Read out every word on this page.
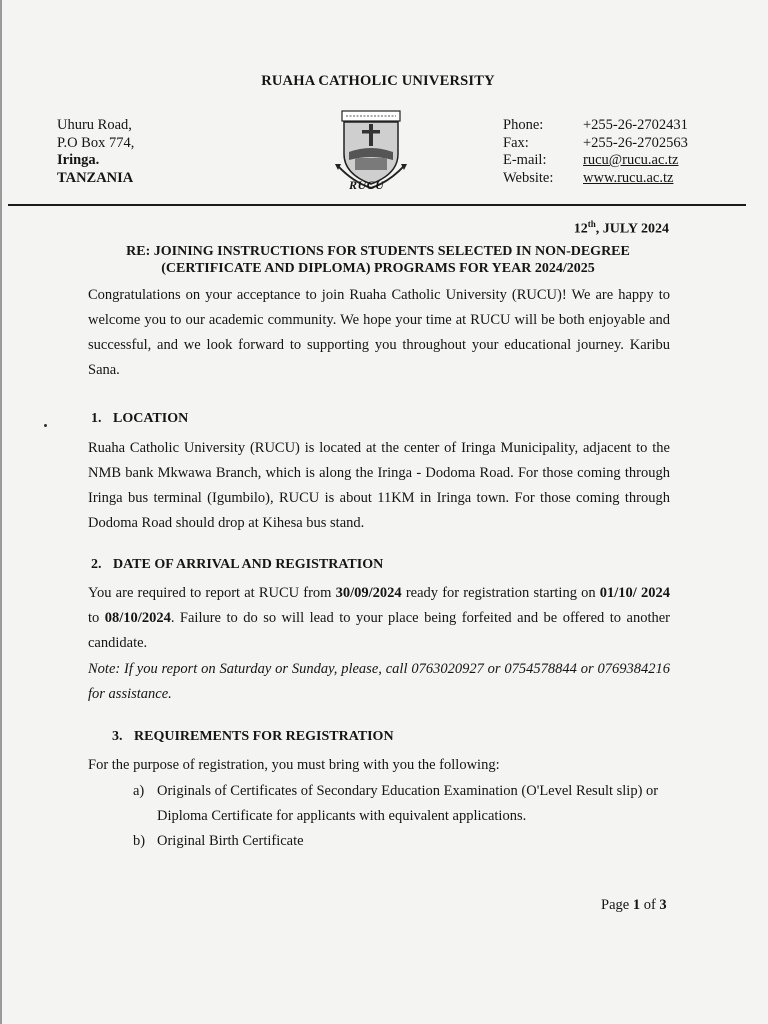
RUAHA CATHOLIC UNIVERSITY
Uhuru Road,
P.O Box 774,
Iringa.
TANZANIA	RUCU
Phone:	+255-26-2702431
Fax:	+255-26-2702563
E-mail:	rucu@rucu.ac.tz
Website:	www.rucu.ac.tz
12th, JULY 2024
RE: JOINING INSTRUCTIONS FOR STUDENTS SELECTED IN NON-DEGREE
(CERTIFICATE AND DIPLOMA) PROGRAMS FOR YEAR 2024/2025
Congratulations on your acceptance to join Ruaha Catholic University (RUCU)! We are happy to welcome you to our academic community. We hope your time at RUCU will be both enjoyable and successful, and we look forward to supporting you throughout your educational journey. Karibu Sana.
1. LOCATION
Ruaha Catholic University (RUCU) is located at the center of Iringa Municipality, adjacent to the NMB bank Mkwawa Branch, which is along the Iringa - Dodoma Road. For those coming through Iringa bus terminal (Igumbilo), RUCU is about 11KM in Iringa town. For those coming through Dodoma Road should drop at Kihesa bus stand.
2. DATE OF ARRIVAL AND REGISTRATION
You are required to report at RUCU from 30/09/2024 ready for registration starting on 01/10/ 2024 to 08/10/2024. Failure to do so will lead to your place being forfeited and be offered to another candidate.
Note: If you report on Saturday or Sunday, please, call 0763020927 or 0754578844 or 0769384216 for assistance.
3. REQUIREMENTS FOR REGISTRATION
For the purpose of registration, you must bring with you the following:
a) Originals of Certificates of Secondary Education Examination (O'Level Result slip) or Diploma Certificate for applicants with equivalent applications.
b) Original Birth Certificate
Page 1 of 3
